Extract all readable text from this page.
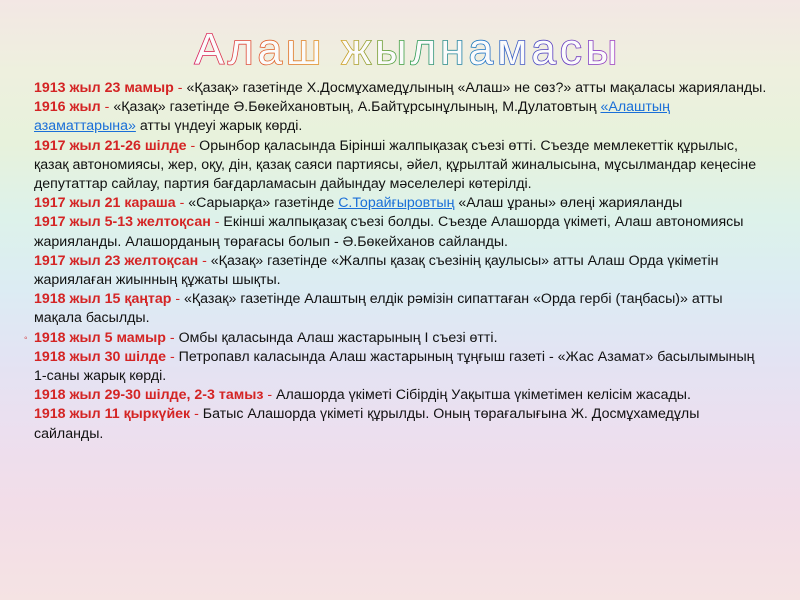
Алаш жылнамасы

1913 жыл 23 мамыр - «Қазақ» газетінде Х.Досмұхамедұлының «Алаш» не сөз?» атты мақаласы жарияланды.

1916 жыл - «Қазақ» газетінде Ә.Бөкейхановтың, А.Байтұрсынұлының, М.Дулатовтың «Алаштың азаматтарына» атты үндеуі жарық көрді.

1917 жыл 21-26 шілде - Орынбор қаласында Бірінші жалпықазақ съезі өтті. Съезде мемлекеттік құрылыс, қазақ автономиясы, жер, оқу, дін, қазақ саяси партиясы, әйел, құрылтай жиналысына, мұсылмандар кеңесіне депутаттар сайлау, партия бағдарламасын дайындау мәселелері көтерілді.

1917 жыл 21 караша - «Сарыарқа» газетінде С.Торайғыровтың «Алаш ұраны» өлеңі жарияланды

1917 жыл 5-13 желтоқсан - Екінші жалпықазақ съезі болды. Съезде Алашорда үкіметі, Алаш автономиясы жарияланды. Алашорданың төрағасы болып - Ә.Бөкейханов сайланды.

1917 жыл 23 желтоқсан - «Қазақ» газетінде «Жалпы қазақ съезінің қаулысы» атты Алаш Орда үкіметін жариялаған жиынның құжаты шықты.

1918 жыл 15 қаңтар - «Қазақ» газетінде Алаштың елдік рәмізін сипаттаған «Орда гербі (таңбасы)» атты мақала басылды.

◦ 1918 жыл 5 мамыр - Омбы қаласында Алаш жастарының І съезі өтті.

1918 жыл 30 шілде - Петропавл каласында Алаш жастарының тұңғыш газеті - «Жас Азамат» басылымының 1-саны жарық көрді.

1918 жыл 29-30 шілде, 2-3 тамыз - Алашорда үкіметі Сібірдің Уақытша үкіметімен келісім жасады.

1918 жыл 11 қыркүйек - Батыс Алашорда үкіметі құрылды. Оның төрағалығына Ж. Досмұхамедұлы сайланды.
